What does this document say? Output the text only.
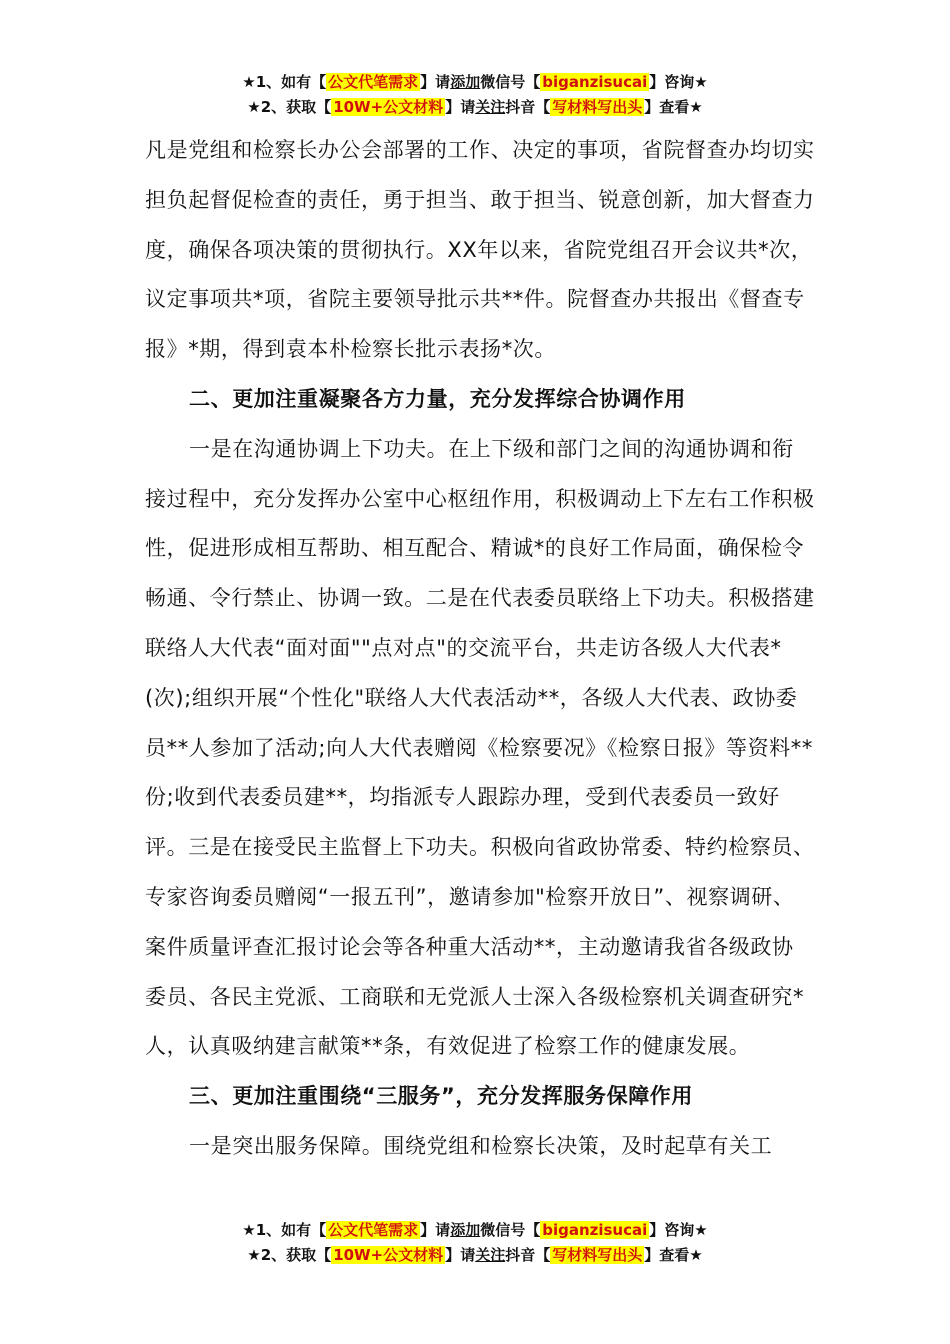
★1、如有【 公文代笔需求 】请添加微信号【 biganzisucai 】咨询★
★2、获取【 10W+公文材料 】请关注抖音【 写材料写出头 】查看★

凡是党组和检察长办公会部署的工作、决定的事项，省院督查办均切实担负起督促检查的责任，勇于担当、敢于担当、锐意创新，加大督查力度，确保各项决策的贯彻执行。XX年以来，省院党组召开会议共*次，议定事项共*项，省院主要领导批示共**件。院督查办共报出《督查专报》*期，得到袁本朴检察长批示表扬*次。

二、更加注重凝聚各方力量，充分发挥综合协调作用

一是在沟通协调上下功夫。在上下级和部门之间的沟通协调和衔接过程中，充分发挥办公室中心枢纽作用，积极调动上下左右工作积极性，促进形成相互帮助、相互配合、精诚*的良好工作局面，确保检令畅通、令行禁止、协调一致。二是在代表委员联络上下功夫。积极搭建联络人大代表“面对面""点对点"的交流平台，共走访各级人大代表*(次);组织开展“个性化"联络人大代表活动**，各级人大代表、政协委员**人参加了活动;向人大代表赠阅《检察要况》《检察日报》等资料**份;收到代表委员建**，均指派专人跟踪办理，受到代表委员一致好评。三是在接受民主监督上下功夫。积极向省政协常委、特约检察员、专家咨询委员赠阅“一报五刊”，邀请参加"检察开放日”、视察调研、案件质量评查汇报讨论会等各种重大活动**，主动邀请我省各级政协委员、各民主党派、工商联和无党派人士深入各级检察机关调查研究*人，认真吸纳建言献策**条，有效促进了检察工作的健康发展。

三、更加注重围绕“三服务”，充分发挥服务保障作用

一是突出服务保障。围绕党组和检察长决策，及时起草有关工

★1、如有【 公文代笔需求 】请添加微信号【 biganzisucai 】咨询★
★2、获取【 10W+公文材料 】请关注抖音【 写材料写出头 】查看★
